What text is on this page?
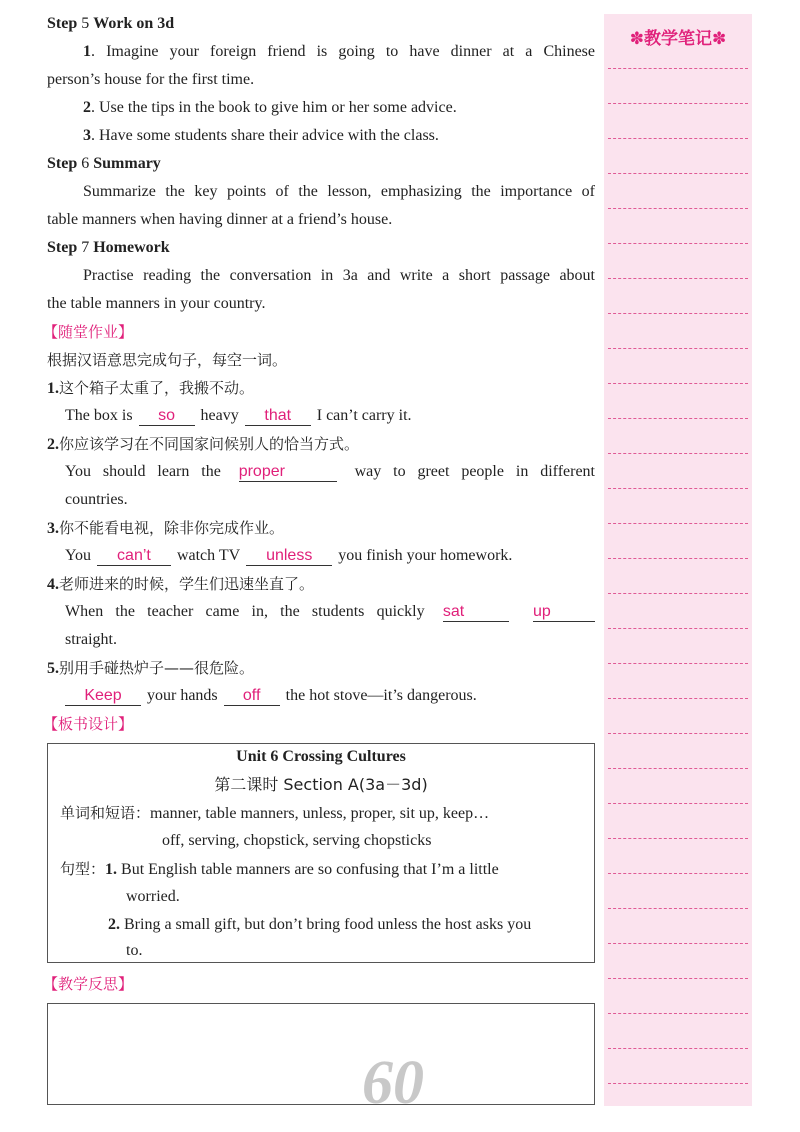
Step 5 Work on 3d
1. Imagine your foreign friend is going to have dinner at a Chinese
person’s house for the first time.
2. Use the tips in the book to give him or her some advice.
3. Have some students share their advice with the class.
Step 6 Summary
Summarize the key points of the lesson, emphasizing the importance of
table manners when having dinner at a friend’s house.
Step 7 Homework
Practise reading the conversation in 3a and write a short passage about
the table manners in your country.
【随堂作业】
根据汉语意思完成句子，每空一词。
1.这个箱子太重了，我搬不动。
The box is so heavy that I can’t carry it.
2.你应该学习在不同国家问候别人的恰当方式。
You should learn the proper	way to greet people in different
countries.
3.你不能看电视，除非你完成作业。
You can’t watch TV unless you finish your homework.
4.老师进来的时候，学生们迅速坐直了。
When the teacher came in, the students quickly sat	up
straight.
5.别用手碰热炉子——很危险。
Keep your hands off the hot stove—it’s dangerous.
【板书设计】
Unit 6 Crossing Cultures
第二课时 Section A(3a－3d)
单词和短语：manner, table manners, unless, proper, sit up, keep…
off, serving, chopstick, serving chopsticks
句型：1. But English table manners are so confusing that I’m a little
worried.
2. Bring a small gift, but don’t bring food unless the host asks you
to.
【教学反思】
60
✽教学笔记✽
